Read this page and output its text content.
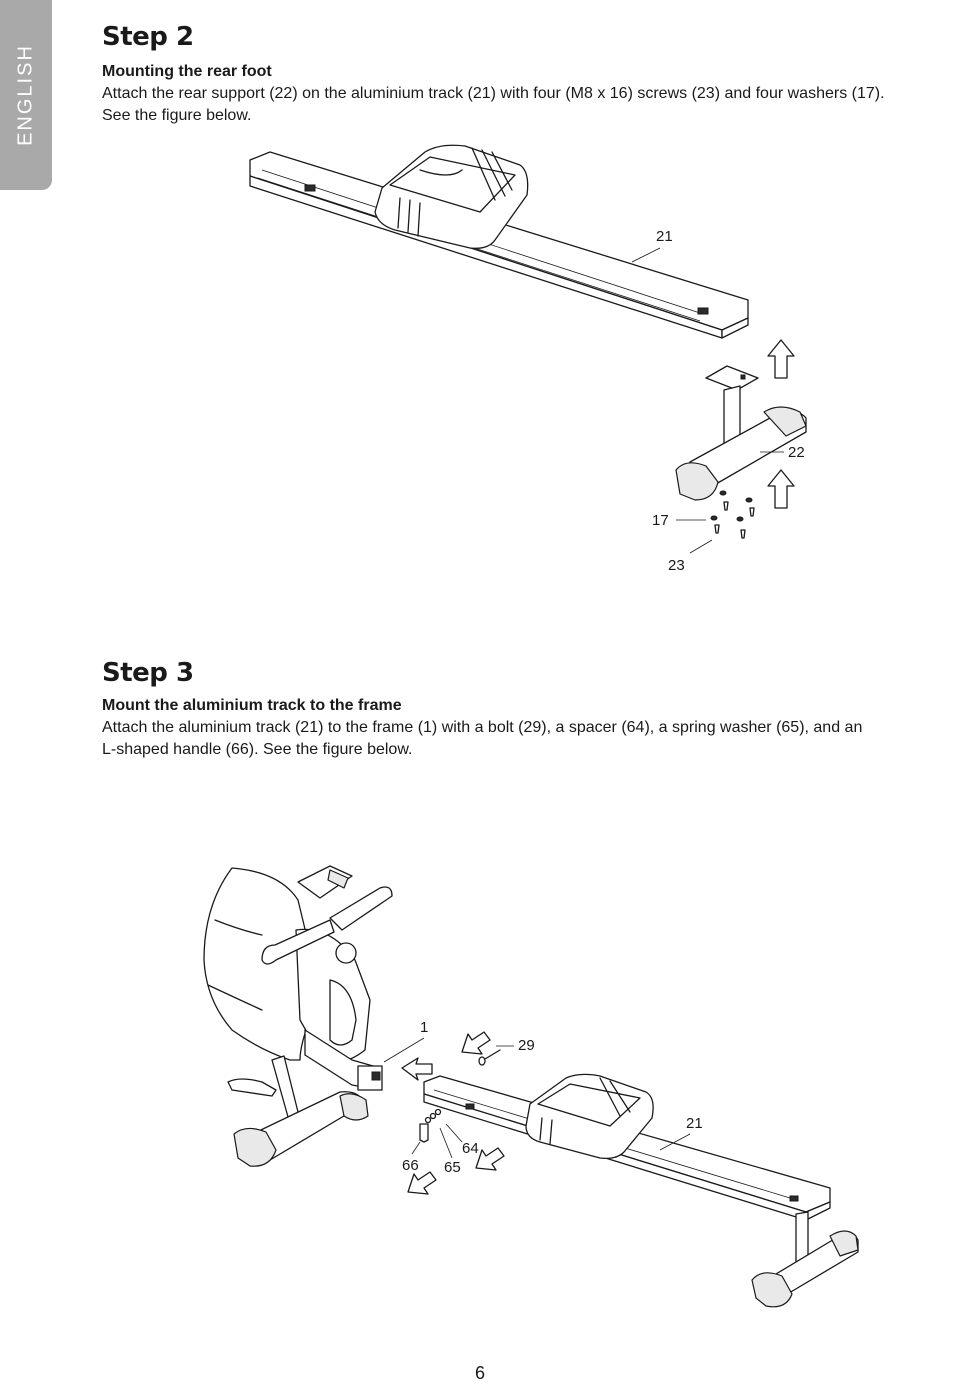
ENGLISH
Step 2
Mounting the rear foot
Attach the rear support (22) on the aluminium track (21) with four (M8 x 16) screws (23) and four washers (17).
See the figure below.
21
22
17
23
Step 3
Mount the aluminium track to the frame
Attach the aluminium track (21) to the frame (1) with a bolt (29), a spacer (64), a spring washer (65), and an
L-shaped handle (66). See the figure below.
1
29
21
64
66 65
6
